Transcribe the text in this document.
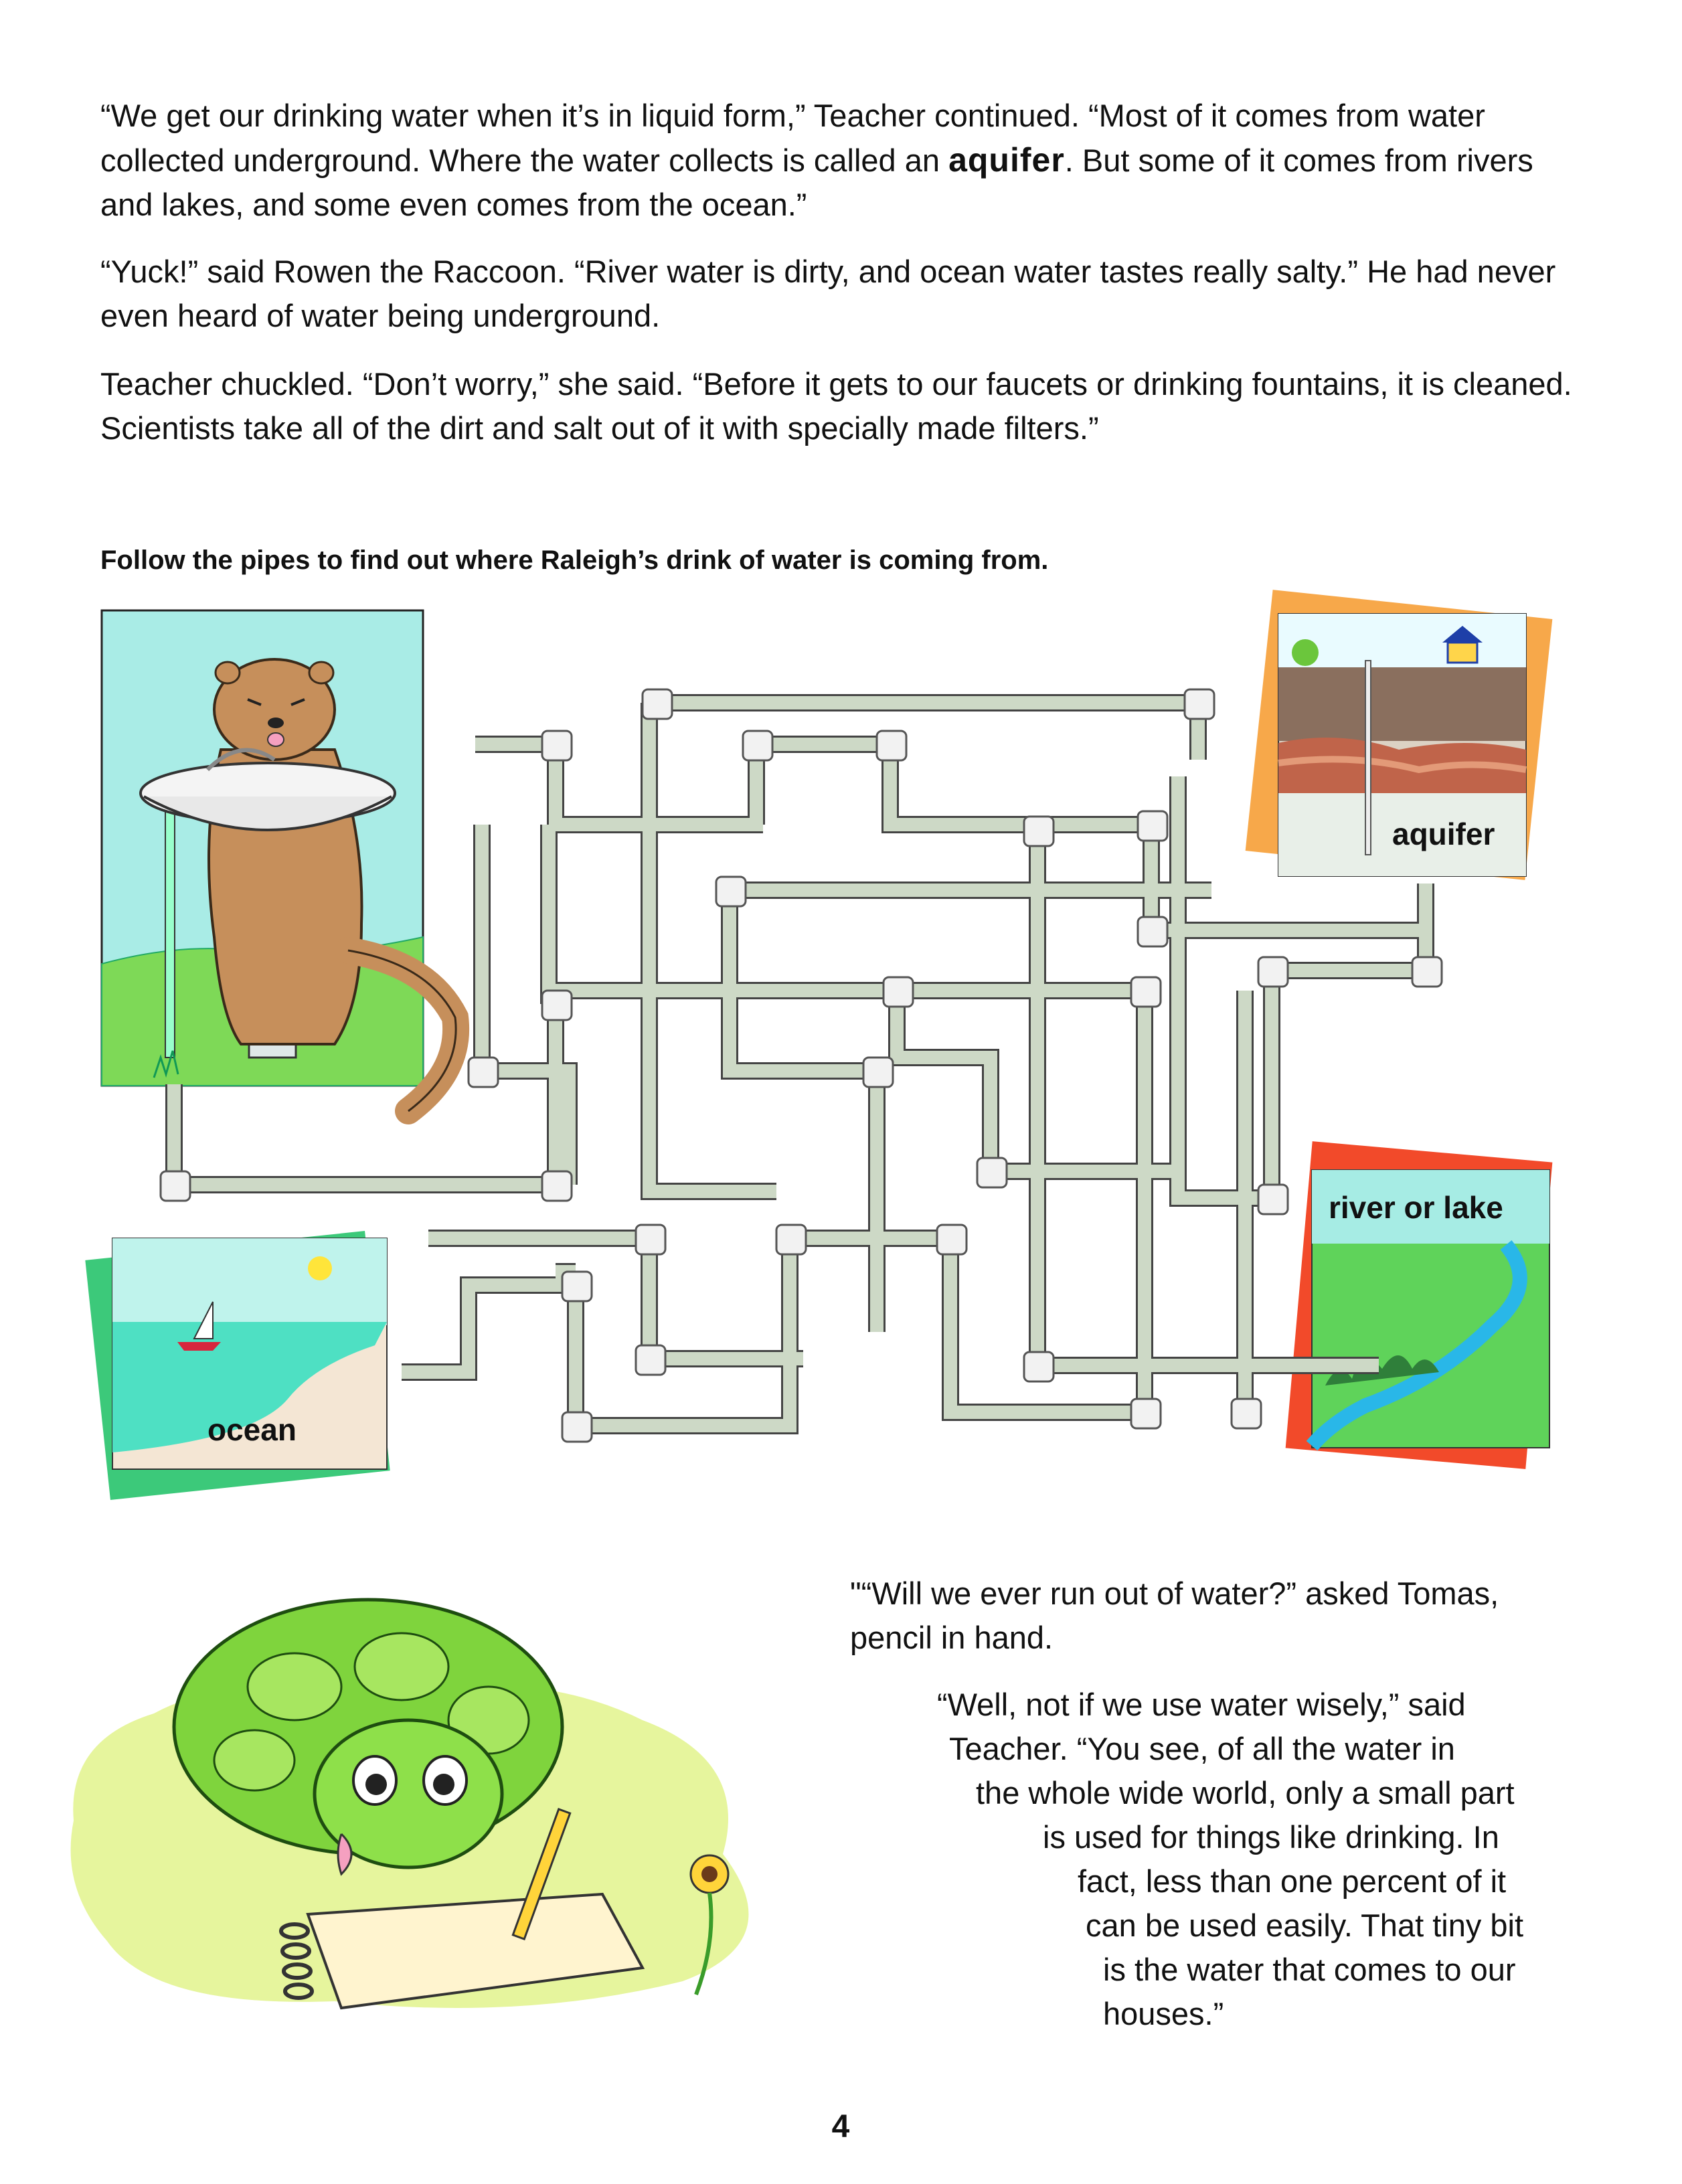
“We get our drinking water when it’s in liquid form,” Teacher continued. “Most of it comes from water collected underground. Where the water collects is called an aquifer. But some of it comes from rivers and lakes, and some even comes from the ocean.”

“Yuck!” said Rowen the Raccoon. “River water is dirty, and ocean water tastes really salty.” He had never even heard of water being underground.

Teacher chuckled. “Don’t worry,” she said. “Before it gets to our faucets or drinking fountains, it is cleaned. Scientists take all of the dirt and salt out of it with specially made filters.”

Follow the pipes to find out where Raleigh’s drink of water is coming from.

aquifer
river or lake
ocean

"“Will we ever run out of water?” asked Tomas,

pencil in hand.

“Well, not if we use water wisely,” said

Teacher. “You see, of all the water in

the whole wide world, only a small part

is used for things like drinking. In

fact, less than one percent of it

can be used easily. That tiny bit

is the water that comes to our

houses.”

4
